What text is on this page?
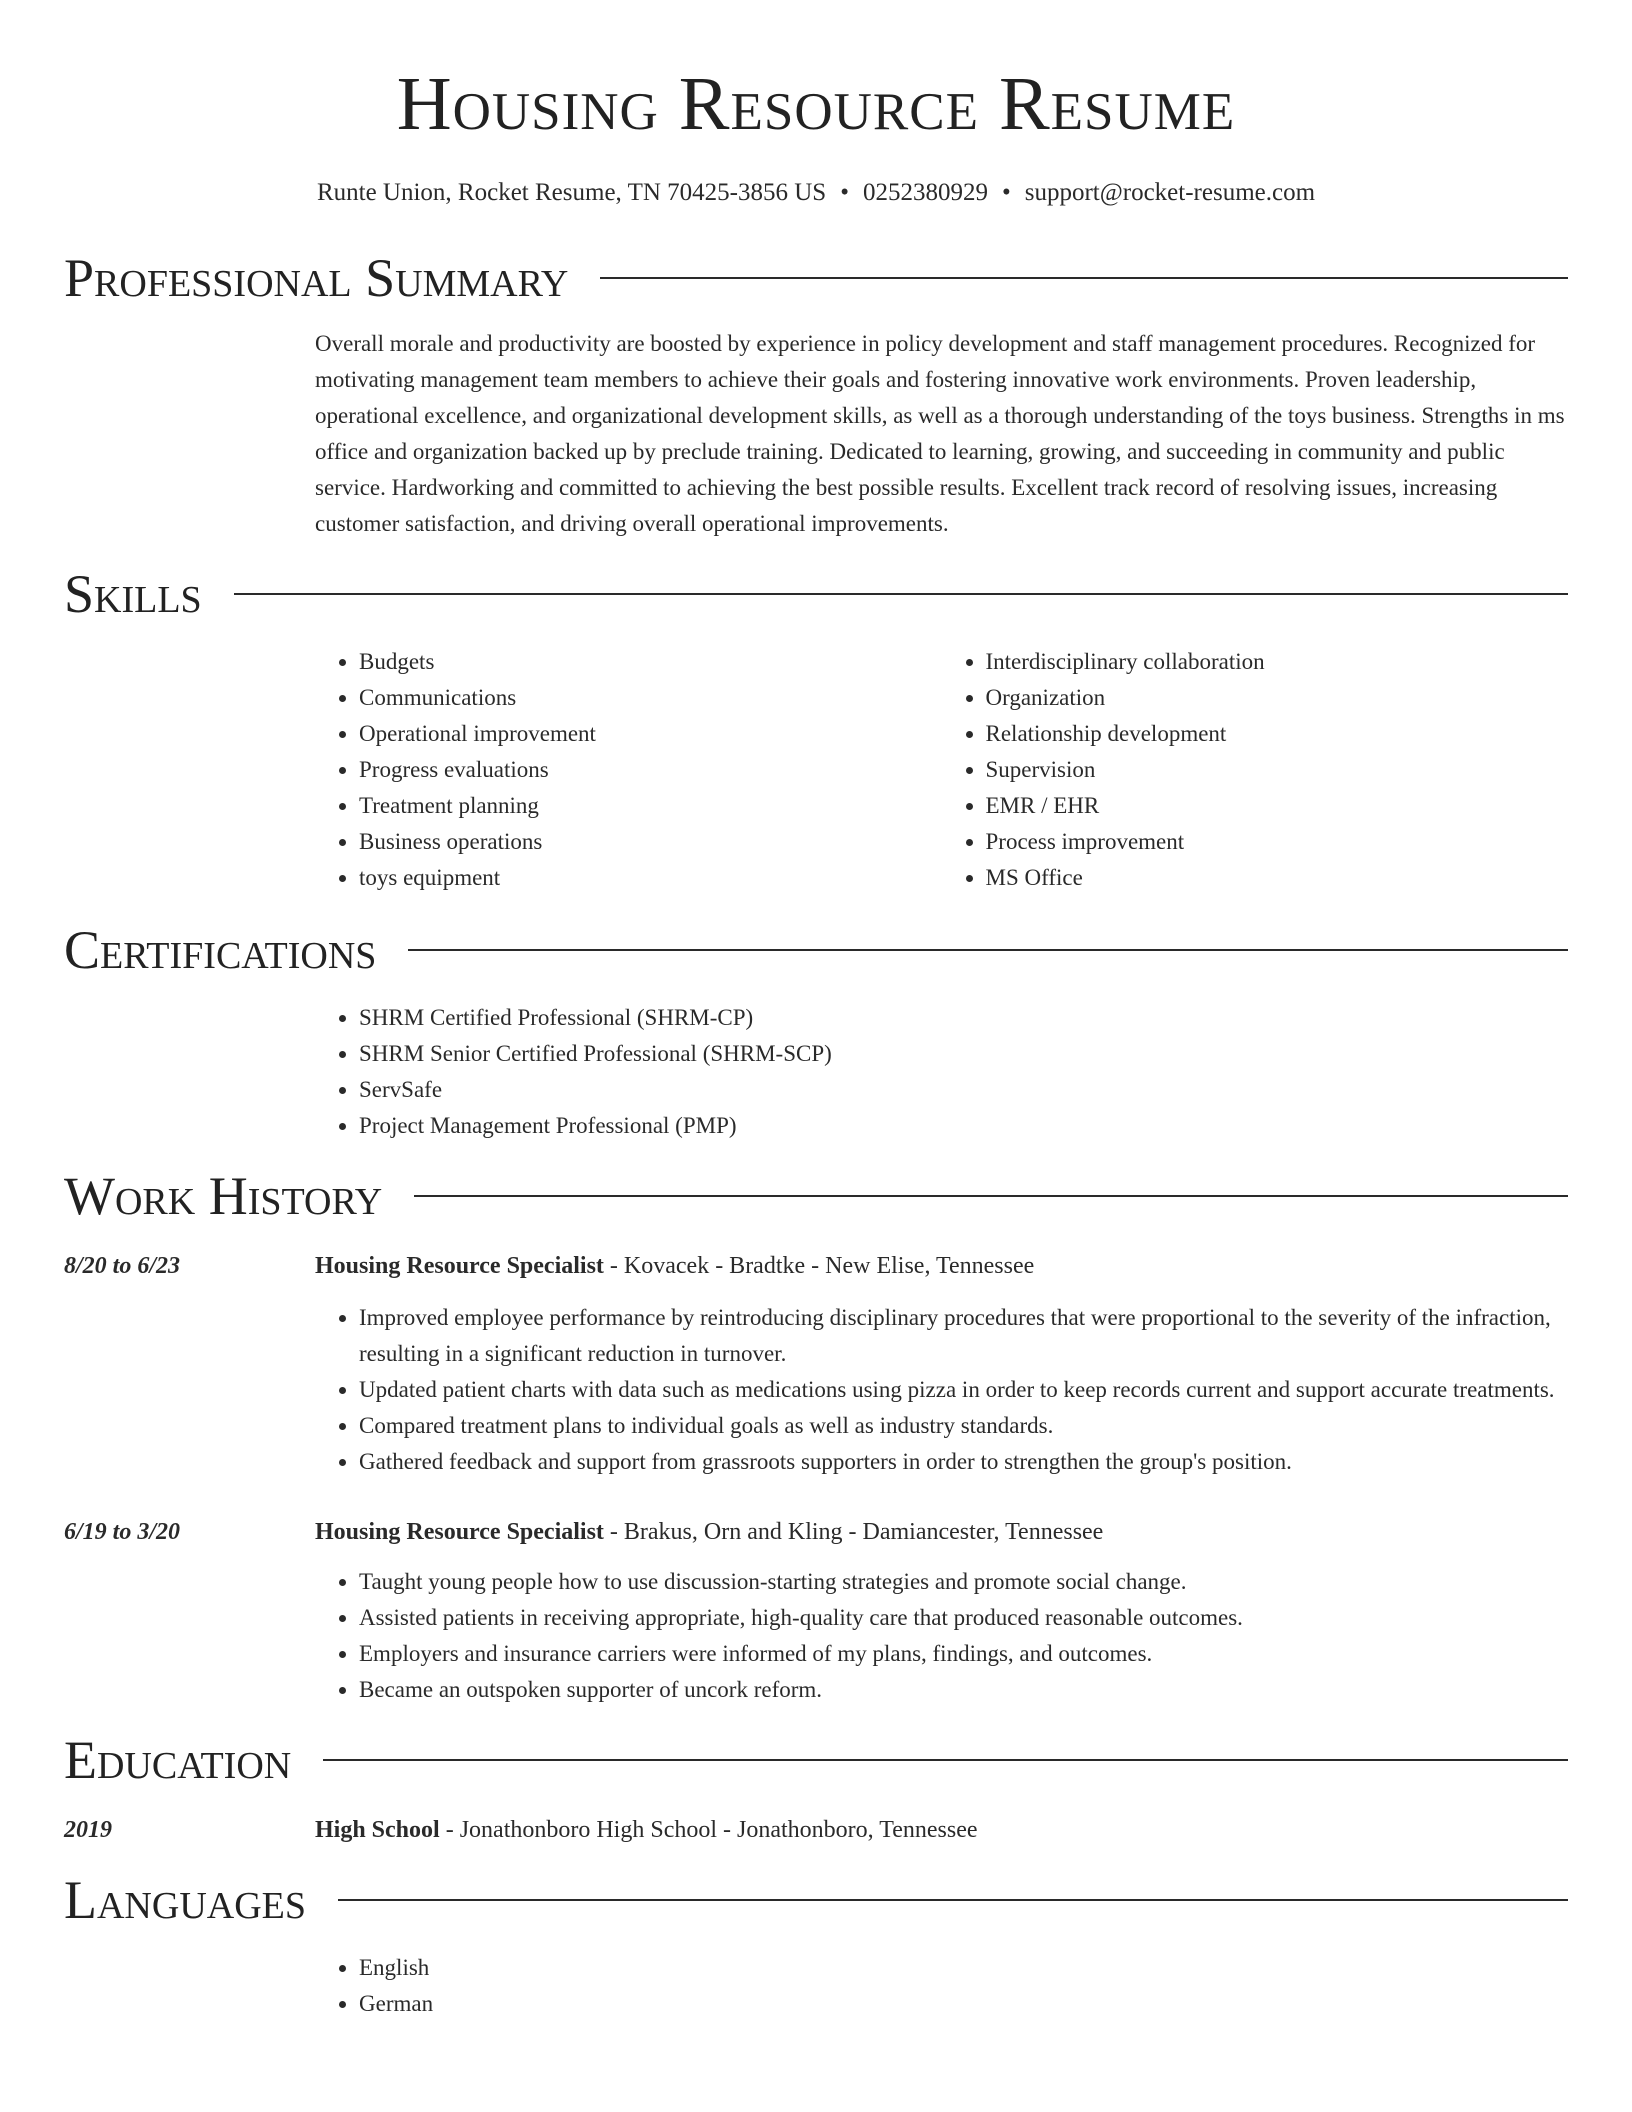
Housing Resource Resume
Runte Union, Rocket Resume, TN 70425-3856 US • 0252380929 • support@rocket-resume.com
Professional Summary
Overall morale and productivity are boosted by experience in policy development and staff management procedures. Recognized for motivating management team members to achieve their goals and fostering innovative work environments. Proven leadership, operational excellence, and organizational development skills, as well as a thorough understanding of the toys business. Strengths in ms office and organization backed up by preclude training. Dedicated to learning, growing, and succeeding in community and public service. Hardworking and committed to achieving the best possible results. Excellent track record of resolving issues, increasing customer satisfaction, and driving overall operational improvements.
Skills
• Budgets
• Communications
• Operational improvement
• Progress evaluations
• Treatment planning
• Business operations
• toys equipment
• Interdisciplinary collaboration
• Organization
• Relationship development
• Supervision
• EMR / EHR
• Process improvement
• MS Office
Certifications
• SHRM Certified Professional (SHRM-CP)
• SHRM Senior Certified Professional (SHRM-SCP)
• ServSafe
• Project Management Professional (PMP)
Work History
8/20 to 6/23	Housing Resource Specialist - Kovacek - Bradtke - New Elise, Tennessee
• Improved employee performance by reintroducing disciplinary procedures that were proportional to the severity of the infraction, resulting in a significant reduction in turnover.
• Updated patient charts with data such as medications using pizza in order to keep records current and support accurate treatments.
• Compared treatment plans to individual goals as well as industry standards.
• Gathered feedback and support from grassroots supporters in order to strengthen the group's position.
6/19 to 3/20	Housing Resource Specialist - Brakus, Orn and Kling - Damiancester, Tennessee
• Taught young people how to use discussion-starting strategies and promote social change.
• Assisted patients in receiving appropriate, high-quality care that produced reasonable outcomes.
• Employers and insurance carriers were informed of my plans, findings, and outcomes.
• Became an outspoken supporter of uncork reform.
Education
2019	High School - Jonathonboro High School - Jonathonboro, Tennessee
Languages
• English
• German
